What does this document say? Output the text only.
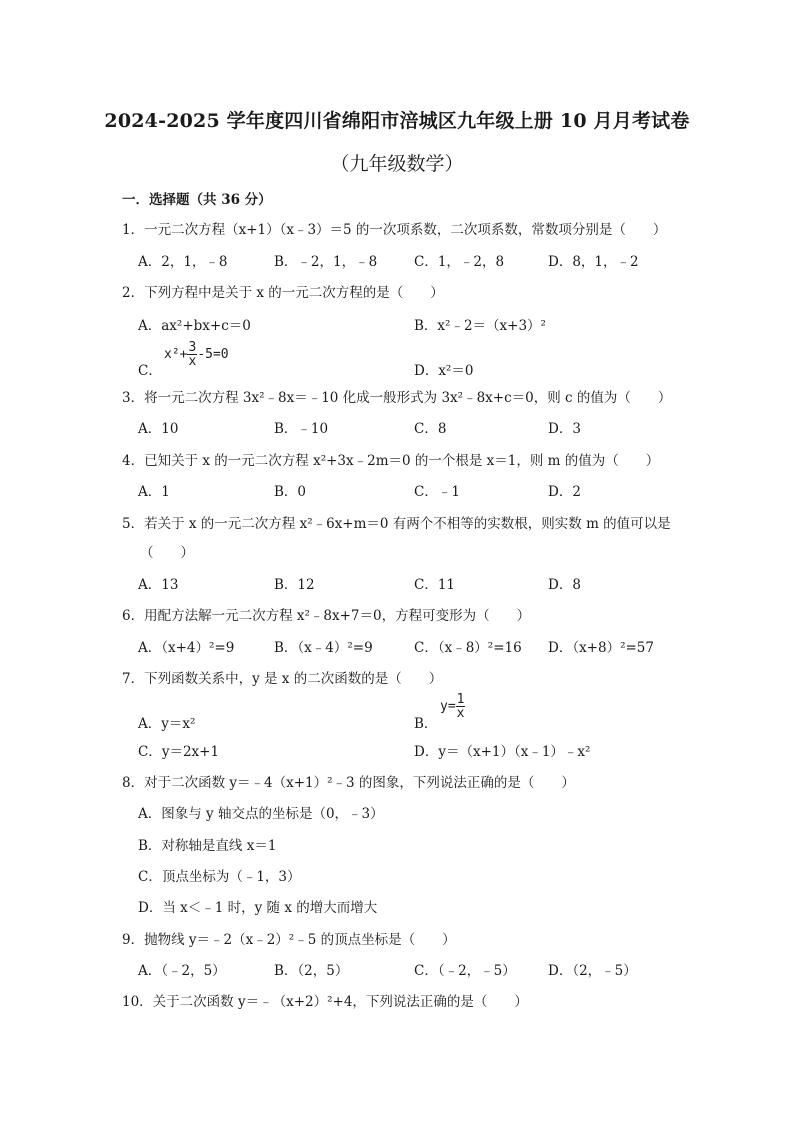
2024-2025 学年度四川省绵阳市涪城区九年级上册 10 月月考试卷
（九年级数学）
一．选择题（共 36 分）
1．一元二次方程（x+1）（x﹣3）＝5 的一次项系数，二次项系数，常数项分别是（　　）
A．2，1，﹣8	B．﹣2，1，﹣8	C．1，﹣2，8	D．8，1，﹣2
2．下列方程中是关于 x 的一元二次方程的是（　　）
A．ax²+bx+c＝0	B．x²﹣2＝（x+3）²
C．
$x^2+ \frac{3}{x} -5=0$
D．x²＝0
3．将一元二次方程 3x²﹣8x＝﹣10 化成一般形式为 3x²﹣8x+c＝0，则 c 的值为（　　）
A．10	B．﹣10	C．8	D．3
4．已知关于 x 的一元二次方程 x²+3x﹣2m＝0 的一个根是 x＝1，则 m 的值为（　　）
A．1	B．0	C．﹣1	D．2
5．若关于 x 的一元二次方程 x²﹣6x+m＝0 有两个不相等的实数根，则实数 m 的值可以是
（　　）
A．13	B．12	C．11	D．8
6．用配方法解一元二次方程 x²﹣8x+7＝0，方程可变形为（　　）
A．（x+4）²=9	B．（x﹣4）²=9	C．（x﹣8）²=16 D．（x+8）²=57
7．下列函数关系中，y 是 x 的二次函数的是（　　）
A．y＝x²	B．
$y= \frac{1}{x}$
C．y＝2x+1	D．y＝（x+1）（x﹣1）﹣x²
8．对于二次函数 y＝﹣4（x+1）²﹣3 的图象，下列说法正确的是（　　）
A．图象与 y 轴交点的坐标是（0，﹣3）
B．对称轴是直线 x＝1
C．顶点坐标为（﹣1，3）
D．当 x＜﹣1 时，y 随 x 的增大而增大
9．抛物线 y＝﹣2（x﹣2）²﹣5 的顶点坐标是（　　）
A．（﹣2，5）	B．（2，5）	C．（﹣2，﹣5） D．（2，﹣5）
10．关于二次函数 y＝﹣（x+2）²+4，下列说法正确的是（　　）
